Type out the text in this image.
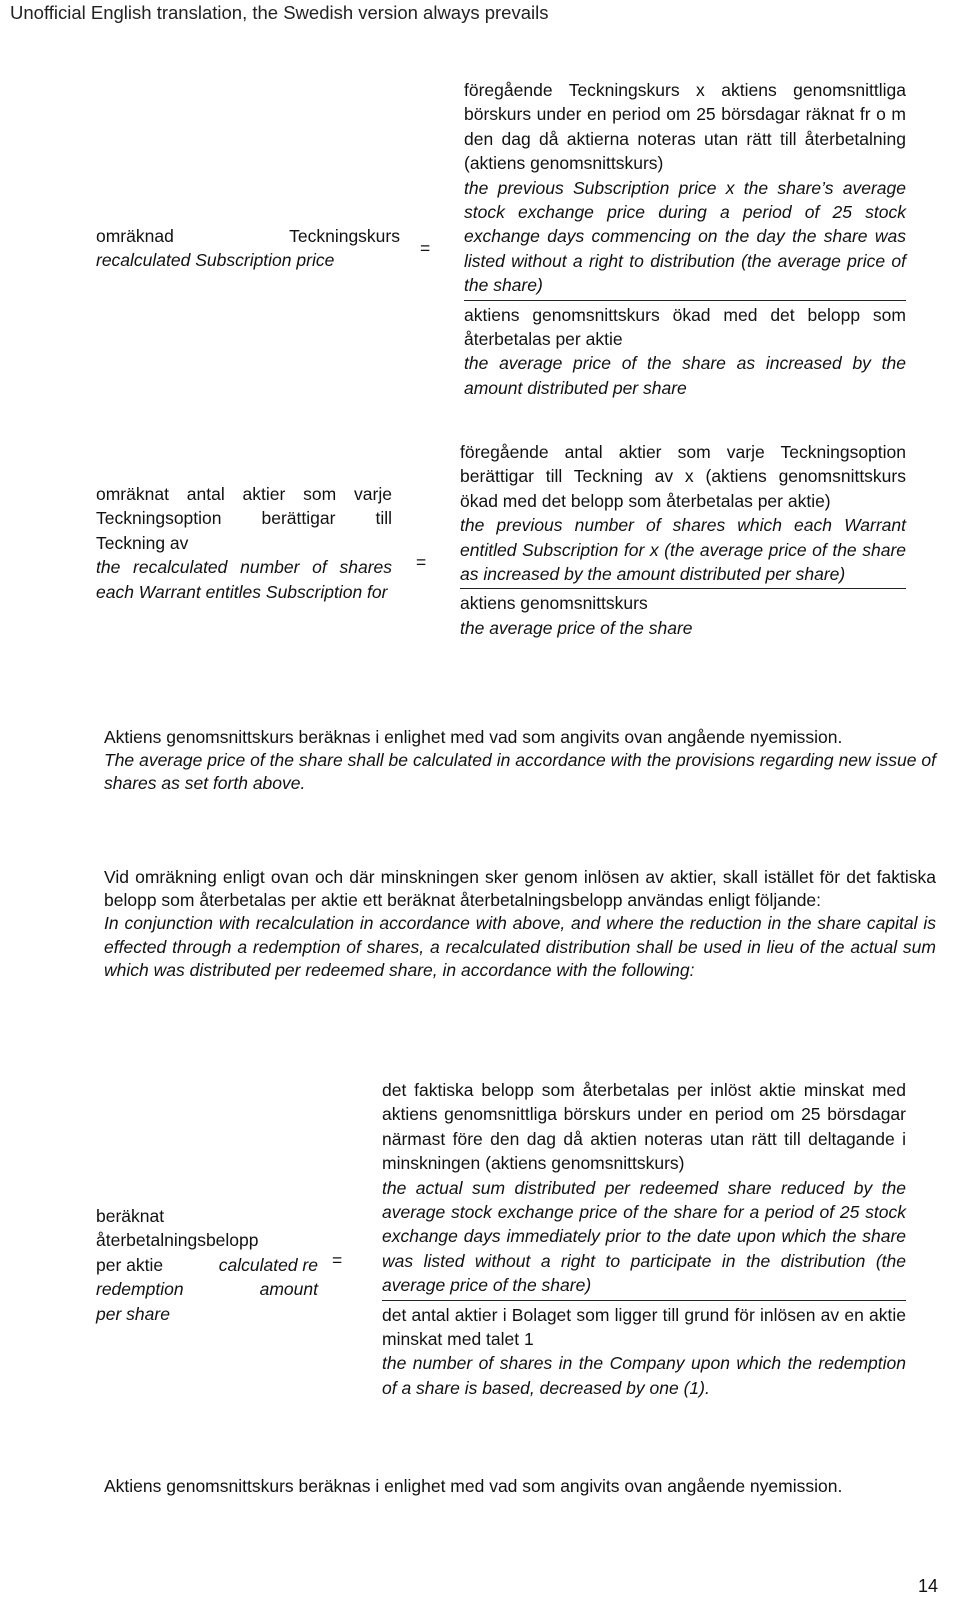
Unofficial English translation, the Swedish version always prevails
omräknad	Teckningskurs
recalculated Subscription price
=

föregående Teckningskurs x aktiens genomsnittliga börskurs under en period om 25 börsdagar räknat fr o m den dag då aktierna noteras utan rätt till återbetalning (aktiens genomsnittskurs)

the previous Subscription price x the share’s average stock exchange price during a period of 25 stock exchange days commencing on the day the share was listed without a right to distribution (the average price of the share)

aktiens genomsnittskurs ökad med det belopp som återbetalas per aktie

the average price of the share as increased by the amount distributed per share

omräknat antal aktier som varje Teckningsoption berättigar till Teckning av
the recalculated number of shares each Warrant entitles Subscription for
=

föregående antal aktier som varje Teckningsoption berättigar till Teckning av x (aktiens genomsnittskurs ökad med det belopp som återbetalas per aktie)

the previous number of shares which each Warrant entitled Subscription for x (the average price of the share as increased by the amount distributed per share)

aktiens genomsnittskurs

the average price of the share

Aktiens genomsnittskurs beräknas i enlighet med vad som angivits ovan angående nyemission.

The average price of the share shall be calculated in accordance with the provisions regarding new issue of shares as set forth above.

Vid omräkning enligt ovan och där minskningen sker genom inlösen av aktier, skall istället för det faktiska belopp som återbetalas per aktie ett beräknat återbetalningsbelopp användas enligt följande:

In conjunction with recalculation in accordance with above, and where the reduction in the share capital is effected through a redemption of shares, a recalculated distribution shall be used in lieu of the actual sum which was distributed per redeemed share, in accordance with the following:

beräknat
återbetalningsbelopp
per aktie	calculated re
redemption	amount
per share
=

det faktiska belopp som återbetalas per inlöst aktie minskat med aktiens genomsnittliga börskurs under en period om 25 börsdagar närmast före den dag då aktien noteras utan rätt till deltagande i minskningen (aktiens genomsnittskurs)

the actual sum distributed per redeemed share reduced by the average stock exchange price of the share for a period of 25 stock exchange days immediately prior to the date upon which the share was listed without a right to participate in the distribution (the average price of the share)

det antal aktier i Bolaget som ligger till grund för inlösen av en aktie minskat med talet 1

the number of shares in the Company upon which the redemption of a share is based, decreased by one (1).

Aktiens genomsnittskurs beräknas i enlighet med vad som angivits ovan angående nyemission.

14
